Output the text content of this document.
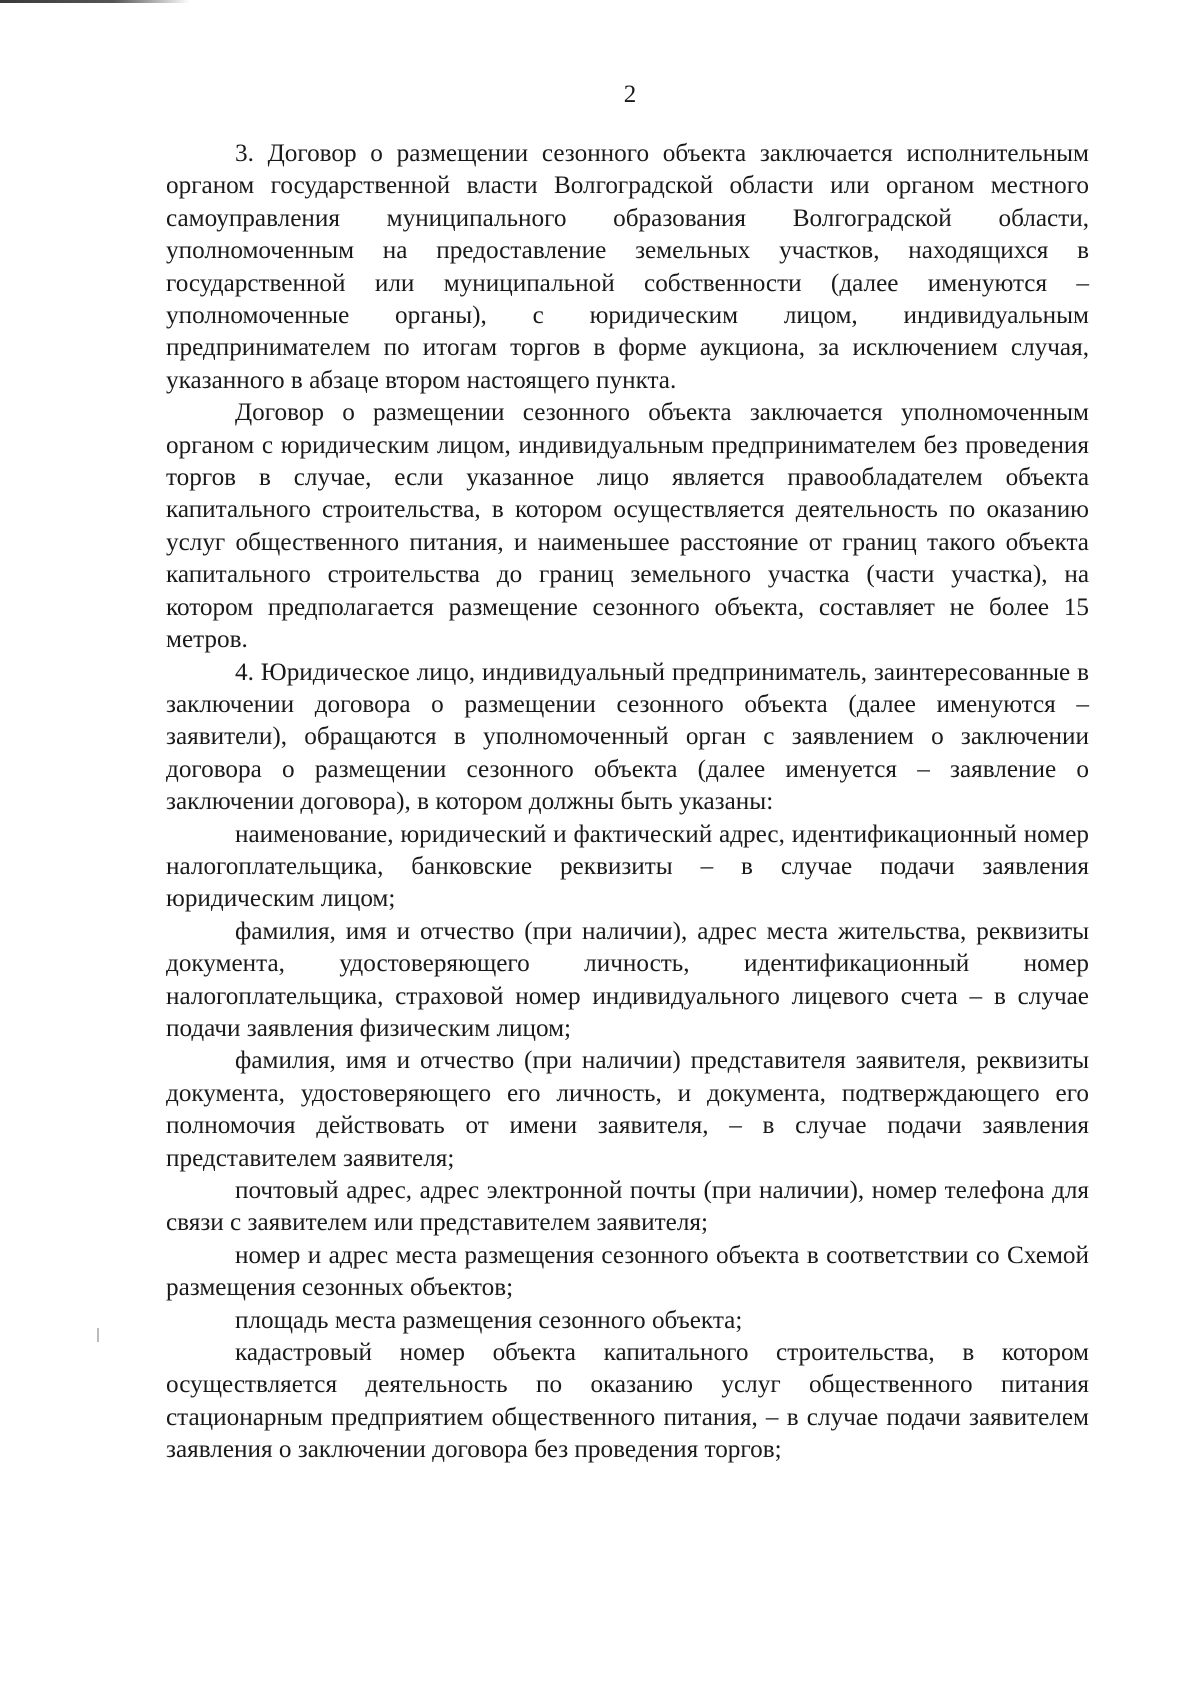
2

3. Договор о размещении сезонного объекта заключается исполнительным органом государственной власти Волгоградской области или органом местного самоуправления муниципального образования Волгоградской области, уполномоченным на предоставление земельных участков, находящихся в государственной или муниципальной собственности (далее именуются – уполномоченные органы), с юридическим лицом, индивидуальным предпринимателем по итогам торгов в форме аукциона, за исключением случая, указанного в абзаце втором настоящего пункта.

Договор о размещении сезонного объекта заключается уполномоченным органом с юридическим лицом, индивидуальным предпринимателем без проведения торгов в случае, если указанное лицо является правообладателем объекта капитального строительства, в котором осуществляется деятельность по оказанию услуг общественного питания, и наименьшее расстояние от границ такого объекта капитального строительства до границ земельного участка (части участка), на котором предполагается размещение сезонного объекта, составляет не более 15 метров.

4. Юридическое лицо, индивидуальный предприниматель, заинтересованные в заключении договора о размещении сезонного объекта (далее именуются – заявители), обращаются в уполномоченный орган с заявлением о заключении договора о размещении сезонного объекта (далее именуется – заявление о заключении договора), в котором должны быть указаны:

наименование, юридический и фактический адрес, идентификационный номер налогоплательщика, банковские реквизиты – в случае подачи заявления юридическим лицом;

фамилия, имя и отчество (при наличии), адрес места жительства, реквизиты документа, удостоверяющего личность, идентификационный номер налогоплательщика, страховой номер индивидуального лицевого счета – в случае подачи заявления физическим лицом;

фамилия, имя и отчество (при наличии) представителя заявителя, реквизиты документа, удостоверяющего его личность, и документа, подтверждающего его полномочия действовать от имени заявителя, – в случае подачи заявления представителем заявителя;

почтовый адрес, адрес электронной почты (при наличии), номер телефона для связи с заявителем или представителем заявителя;

номер и адрес места размещения сезонного объекта в соответствии со Схемой размещения сезонных объектов;

площадь места размещения сезонного объекта;

кадастровый номер объекта капитального строительства, в котором осуществляется деятельность по оказанию услуг общественного питания стационарным предприятием общественного питания, – в случае подачи заявителем заявления о заключении договора без проведения торгов;
